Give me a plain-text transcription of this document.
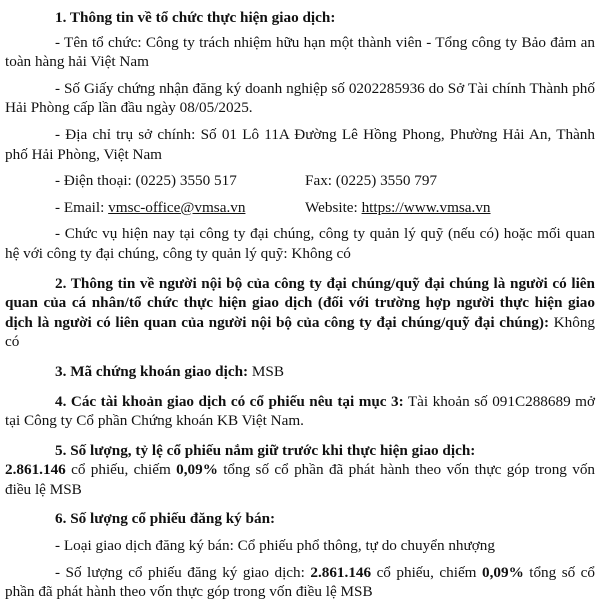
1. Thông tin về tổ chức thực hiện giao dịch:

- Tên tổ chức: Công ty trách nhiệm hữu hạn một thành viên - Tổng công ty Bảo đảm an toàn hàng hải Việt Nam

- Số Giấy chứng nhận đăng ký doanh nghiệp số 0202285936 do Sở Tài chính Thành phố Hải Phòng cấp lần đầu ngày 08/05/2025.

- Địa chỉ trụ sở chính: Số 01 Lô 11A Đường Lê Hồng Phong, Phường Hải An, Thành phố Hải Phòng, Việt Nam

- Điện thoại: (0225) 3550 517	Fax: (0225) 3550 797
- Email: vmsc-office@vmsa.vn	Website: https://www.vmsa.vn

- Chức vụ hiện nay tại công ty đại chúng, công ty quản lý quỹ (nếu có) hoặc mối quan hệ với công ty đại chúng, công ty quản lý quỹ: Không có

2. Thông tin về người nội bộ của công ty đại chúng/quỹ đại chúng là người có liên quan của cá nhân/tổ chức thực hiện giao dịch (đối với trường hợp người thực hiện giao dịch là người có liên quan của người nội bộ của công ty đại chúng/quỹ đại chúng): Không có

3. Mã chứng khoán giao dịch: MSB

4. Các tài khoản giao dịch có cổ phiếu nêu tại mục 3: Tài khoản số 091C288689 mở tại Công ty Cổ phần Chứng khoán KB Việt Nam.

5. Số lượng, tỷ lệ cổ phiếu nắm giữ trước khi thực hiện giao dịch:
2.861.146 cổ phiếu, chiếm 0,09% tổng số cổ phần đã phát hành theo vốn thực góp trong vốn điều lệ MSB

6. Số lượng cổ phiếu đăng ký bán:

- Loại giao dịch đăng ký bán: Cổ phiếu phổ thông, tự do chuyển nhượng

- Số lượng cổ phiếu đăng ký giao dịch: 2.861.146 cổ phiếu, chiếm 0,09% tổng số cổ phần đã phát hành theo vốn thực góp trong vốn điều lệ MSB
